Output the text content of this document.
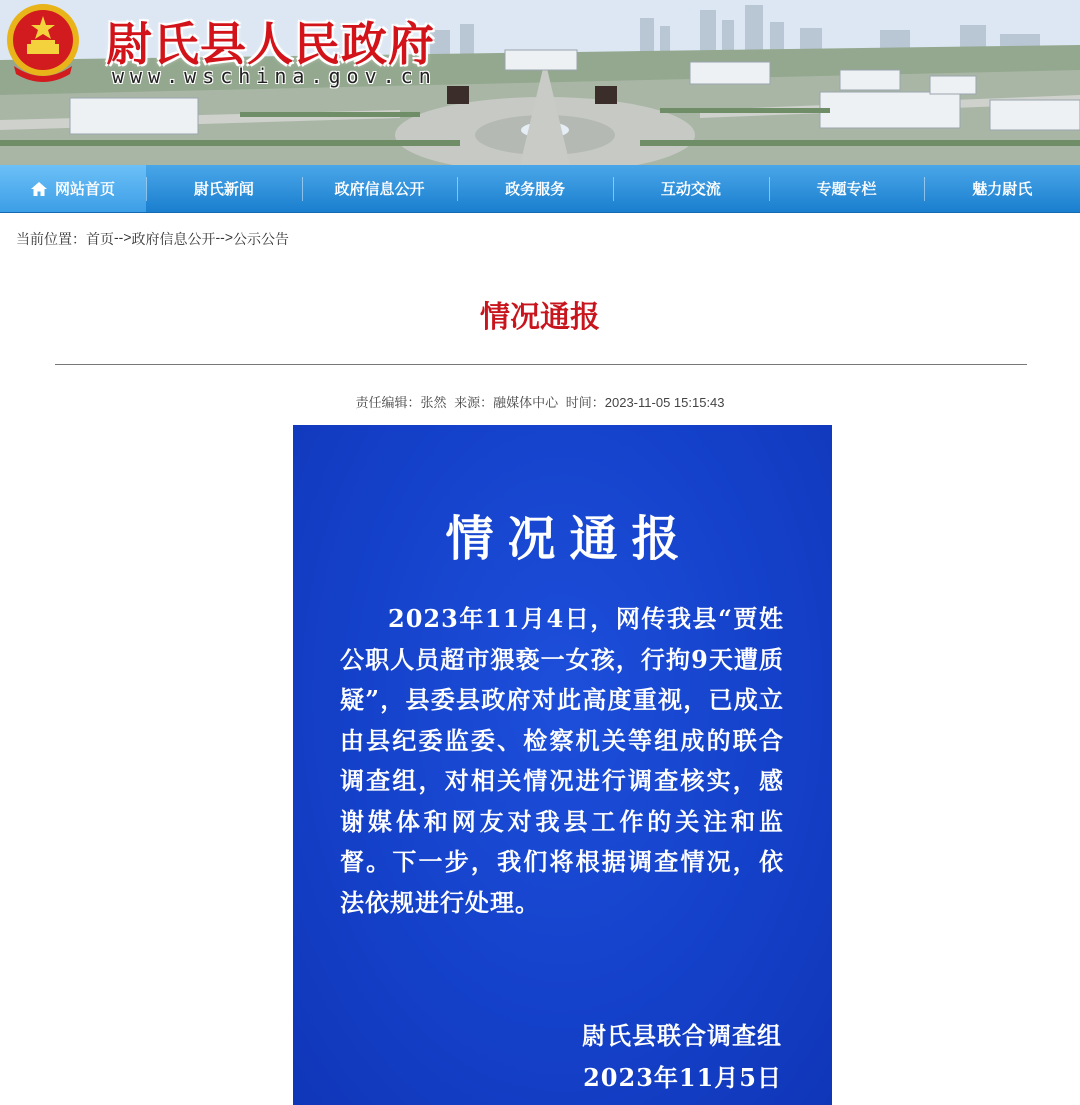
尉氏县人民政府
www.wschina.gov.cn
网站首页	尉氏新闻	政府信息公开	政务服务	互动交流	专题专栏	魅力尉氏
当前位置： 首页 --> 政府信息公开 --> 公示公告
情况通报
责任编辑：张然 来源：融媒体中心 时间：2023-11-05 15:15:43
情况通报
2023年11月4日，网传我县“贾姓公职人员超市猥亵一女孩，行拘9天遭质疑”，县委县政府对此高度重视，已成立由县纪委监委、检察机关等组成的联合调查组，对相关情况进行调查核实，感谢媒体和网友对我县工作的关注和监督。下一步，我们将根据调查情况，依法依规进行处理。
尉氏县联合调查组
2023年11月5日
